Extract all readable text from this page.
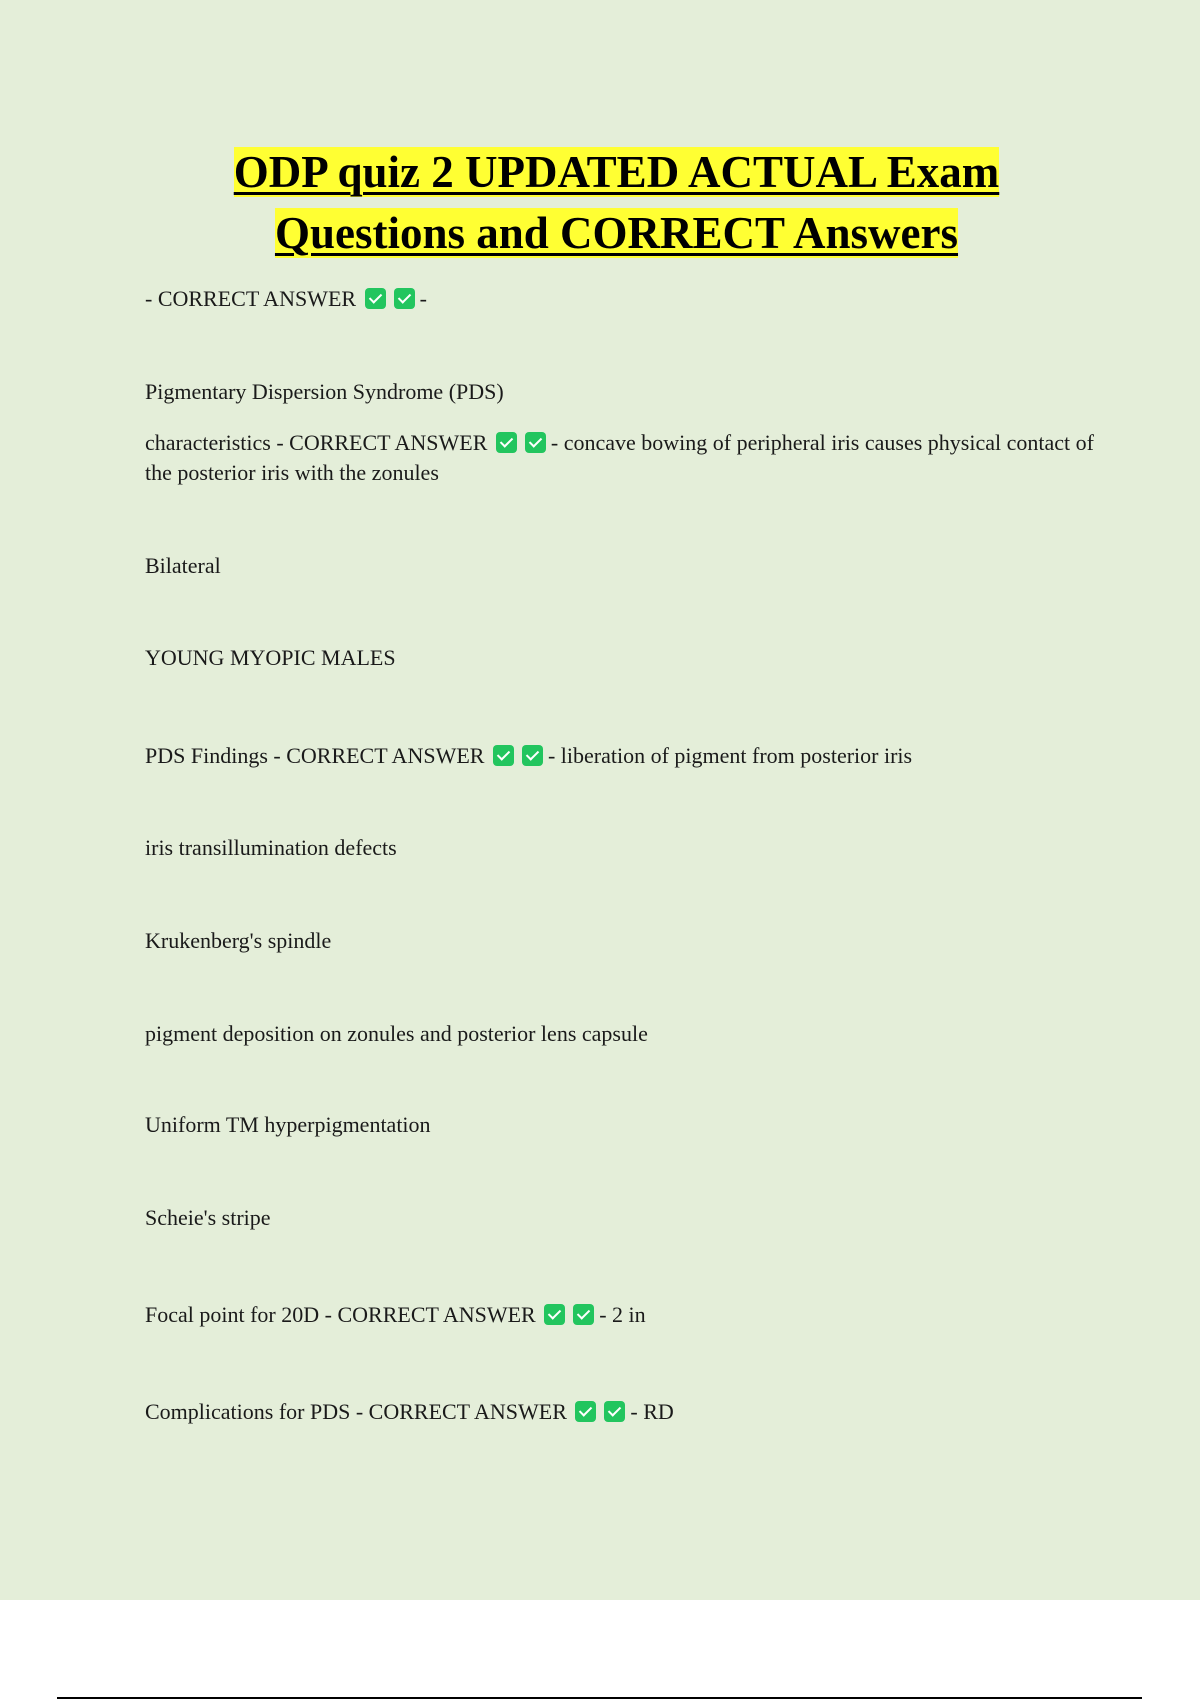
ODP quiz 2 UPDATED ACTUAL Exam
Questions and CORRECT Answers
- CORRECT ANSWER	-
Pigmentary Dispersion Syndrome (PDS)
characteristics - CORRECT ANSWER	- concave bowing of peripheral iris causes physical contact of the posterior iris with the zonules
Bilateral
YOUNG MYOPIC MALES
PDS Findings - CORRECT ANSWER	- liberation of pigment from posterior iris
iris transillumination defects
Krukenberg's spindle
pigment deposition on zonules and posterior lens capsule
Uniform TM hyperpigmentation
Scheie's stripe
Focal point for 20D - CORRECT ANSWER	- 2 in
Complications for PDS - CORRECT ANSWER	- RD
